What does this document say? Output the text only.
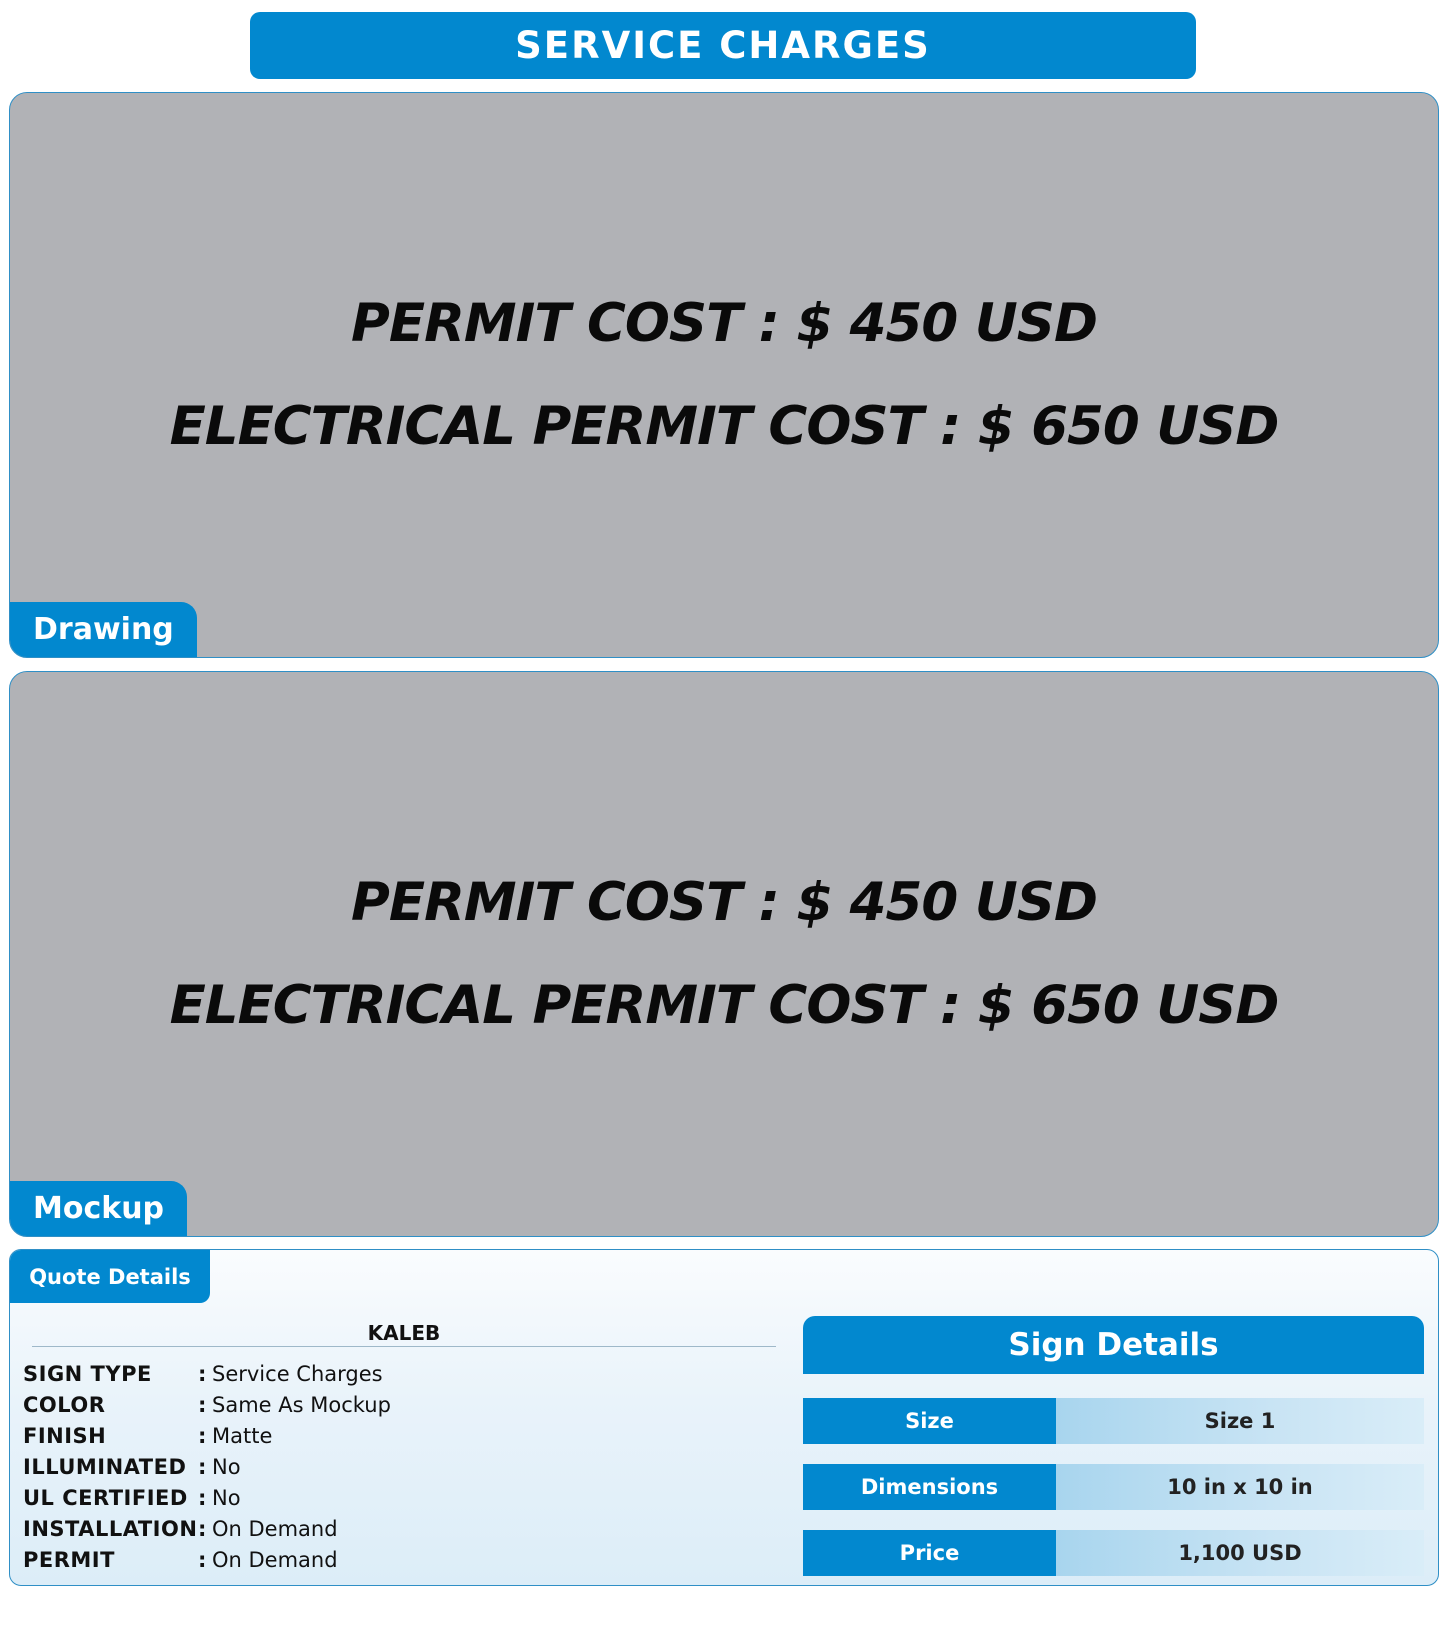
SERVICE CHARGES
PERMIT COST : $ 450 USD
ELECTRICAL PERMIT COST : $ 650 USD
Drawing
PERMIT COST : $ 450 USD
ELECTRICAL PERMIT COST : $ 650 USD
Mockup
Quote Details
KALEB
SIGN TYPE	: Service Charges
COLOR	: Same As Mockup
FINISH	: Matte
ILLUMINATED : No
UL CERTIFIED : No
INSTALLATION : On Demand
PERMIT	: On Demand
Sign Details
Size	Size 1
Dimensions	10 in x 10 in
Price	1,100 USD
